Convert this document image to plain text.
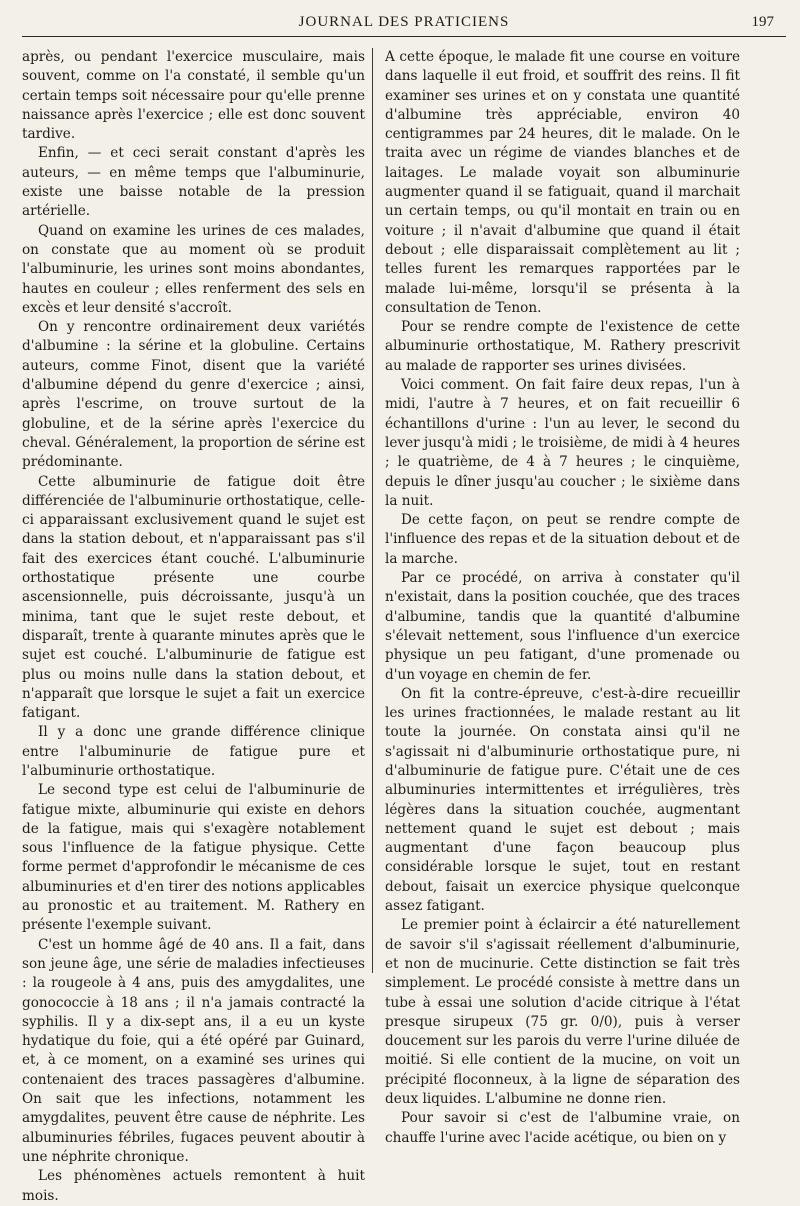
JOURNAL DES PRATICIENS	197

après, ou pendant l'exercice musculaire, mais souvent, comme on l'a constaté, il semble qu'un certain temps soit nécessaire pour qu'elle prenne naissance après l'exercice ; elle est donc souvent tardive.

Enfin, — et ceci serait constant d'après les auteurs, — en même temps que l'albuminurie, existe une baisse notable de la pression artérielle.

Quand on examine les urines de ces malades, on constate que au moment où se produit l'albuminurie, les urines sont moins abondantes, hautes en couleur ; elles renferment des sels en excès et leur densité s'accroît.

On y rencontre ordinairement deux variétés d'albumine : la sérine et la globuline. Certains auteurs, comme Finot, disent que la variété d'albumine dépend du genre d'exercice ; ainsi, après l'escrime, on trouve surtout de la globuline, et de la sérine après l'exercice du cheval. Généralement, la proportion de sérine est prédominante.

Cette albuminurie de fatigue doit être différenciée de l'albuminurie orthostatique, celle-ci apparaissant exclusivement quand le sujet est dans la station debout, et n'apparaissant pas s'il fait des exercices étant couché. L'albuminurie orthostatique présente une courbe ascensionnelle, puis décroissante, jusqu'à un minima, tant que le sujet reste debout, et disparaît, trente à quarante minutes après que le sujet est couché. L'albuminurie de fatigue est plus ou moins nulle dans la station debout, et n'apparaît que lorsque le sujet a fait un exercice fatigant.

Il y a donc une grande différence clinique entre l'albuminurie de fatigue pure et l'albuminurie orthostatique.

Le second type est celui de l'albuminurie de fatigue mixte, albuminurie qui existe en dehors de la fatigue, mais qui s'exagère notablement sous l'influence de la fatigue physique. Cette forme permet d'approfondir le mécanisme de ces albuminuries et d'en tirer des notions applicables au pronostic et au traitement. M. Rathery en présente l'exemple suivant.

C'est un homme âgé de 40 ans. Il a fait, dans son jeune âge, une série de maladies infectieuses : la rougeole à 4 ans, puis des amygdalites, une gonococcie à 18 ans ; il n'a jamais contracté la syphilis. Il y a dix-sept ans, il a eu un kyste hydatique du foie, qui a été opéré par Guinard, et, à ce moment, on a examiné ses urines qui contenaient des traces passagères d'albumine. On sait que les infections, notamment les amygdalites, peuvent être cause de néphrite. Les albuminuries fébriles, fugaces peuvent aboutir à une néphrite chronique.

Les phénomènes actuels remontent à huit mois.

A cette époque, le malade fit une course en voiture dans laquelle il eut froid, et souffrit des reins. Il fit examiner ses urines et on y constata une quantité d'albumine très appréciable, environ 40 centigrammes par 24 heures, dit le malade. On le traita avec un régime de viandes blanches et de laitages. Le malade voyait son albuminurie augmenter quand il se fatiguait, quand il marchait un certain temps, ou qu'il montait en train ou en voiture ; il n'avait d'albumine que quand il était debout ; elle disparaissait complètement au lit ; telles furent les remarques rapportées par le malade lui-même, lorsqu'il se présenta à la consultation de Tenon.

Pour se rendre compte de l'existence de cette albuminurie orthostatique, M. Rathery prescrivit au malade de rapporter ses urines divisées.

Voici comment. On fait faire deux repas, l'un à midi, l'autre à 7 heures, et on fait recueillir 6 échantillons d'urine : l'un au lever, le second du lever jusqu'à midi ; le troisième, de midi à 4 heures ; le quatrième, de 4 à 7 heures ; le cinquième, depuis le dîner jusqu'au coucher ; le sixième dans la nuit.

De cette façon, on peut se rendre compte de l'influence des repas et de la situation debout et de la marche.

Par ce procédé, on arriva à constater qu'il n'existait, dans la position couchée, que des traces d'albumine, tandis que la quantité d'albumine s'élevait nettement, sous l'influence d'un exercice physique un peu fatigant, d'une promenade ou d'un voyage en chemin de fer.

On fit la contre-épreuve, c'est-à-dire recueillir les urines fractionnées, le malade restant au lit toute la journée. On constata ainsi qu'il ne s'agissait ni d'albuminurie orthostatique pure, ni d'albuminurie de fatigue pure. C'était une de ces albuminuries intermittentes et irrégulières, très légères dans la situation couchée, augmentant nettement quand le sujet est debout ; mais augmentant d'une façon beaucoup plus considérable lorsque le sujet, tout en restant debout, faisait un exercice physique quelconque assez fatigant.

Le premier point à éclaircir a été naturellement de savoir s'il s'agissait réellement d'albuminurie, et non de mucinurie. Cette distinction se fait très simplement. Le procédé consiste à mettre dans un tube à essai une solution d'acide citrique à l'état presque sirupeux (75 gr. 0/0), puis à verser doucement sur les parois du verre l'urine diluée de moitié. Si elle contient de la mucine, on voit un précipité floconneux, à la ligne de séparation des deux liquides. L'albumine ne donne rien.

Pour savoir si c'est de l'albumine vraie, on chauffe l'urine avec l'acide acétique, ou bien on y
